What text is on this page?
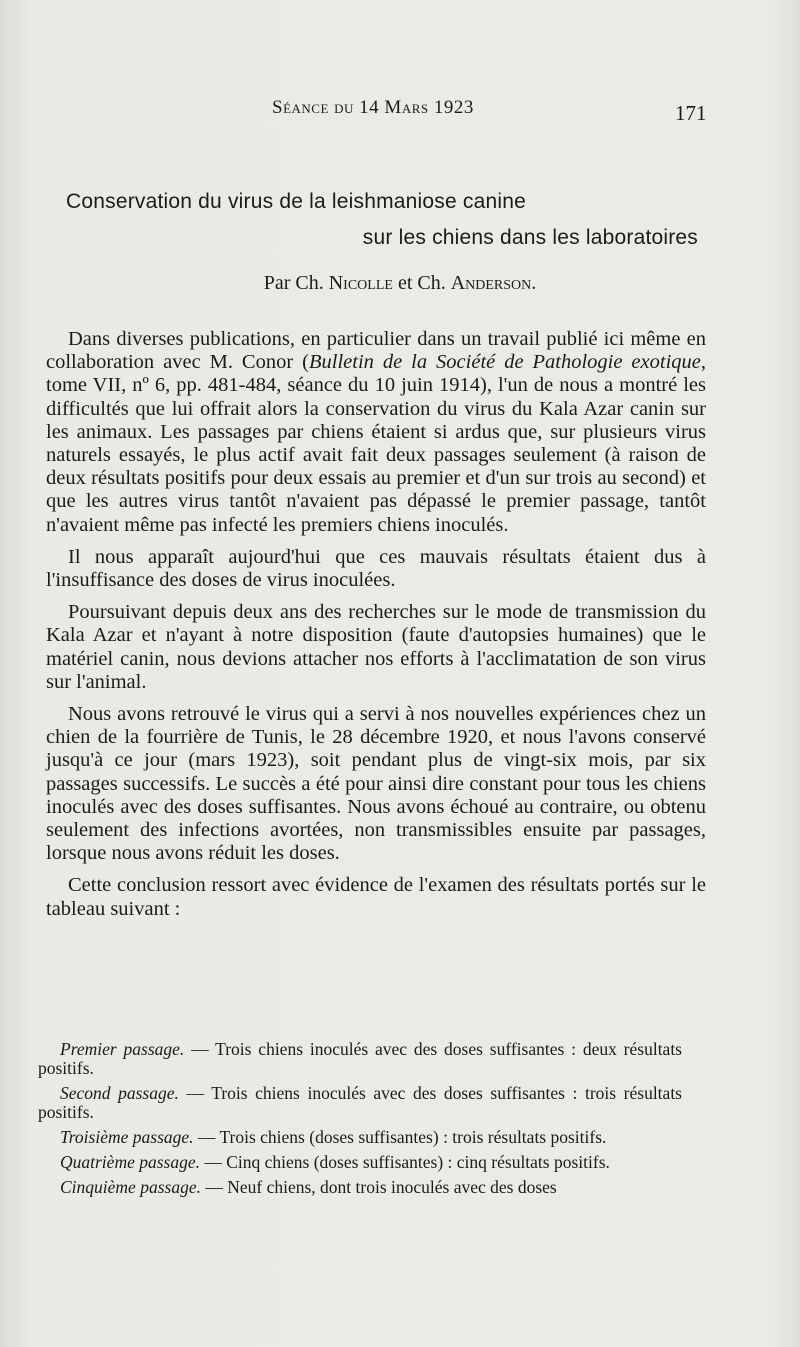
Séance du 14 Mars 1923	171
Conservation du virus de la leishmaniose canine
sur les chiens dans les laboratoires
Par Ch. Nicolle et Ch. Anderson.

Dans diverses publications, en particulier dans un travail publié ici même en collaboration avec M. Conor (Bulletin de la Société de Pathologie exotique, tome VII, nº 6, pp. 481-484, séance du 10 juin 1914), l'un de nous a montré les difficultés que lui offrait alors la conservation du virus du Kala Azar canin sur les animaux. Les passages par chiens étaient si ardus que, sur plusieurs virus naturels essayés, le plus actif avait fait deux passages seulement (à raison de deux résultats positifs pour deux essais au premier et d'un sur trois au second) et que les autres virus tantôt n'avaient pas dépassé le premier passage, tantôt n'avaient même pas infecté les premiers chiens inoculés.

Il nous apparaît aujourd'hui que ces mauvais résultats étaient dus à l'insuffisance des doses de virus inoculées.

Poursuivant depuis deux ans des recherches sur le mode de transmission du Kala Azar et n'ayant à notre disposition (faute d'autopsies humaines) que le matériel canin, nous devions attacher nos efforts à l'acclimatation de son virus sur l'animal.

Nous avons retrouvé le virus qui a servi à nos nouvelles expériences chez un chien de la fourrière de Tunis, le 28 décembre 1920, et nous l'avons conservé jusqu'à ce jour (mars 1923), soit pendant plus de vingt-six mois, par six passages successifs. Le succès a été pour ainsi dire constant pour tous les chiens inoculés avec des doses suffisantes. Nous avons échoué au contraire, ou obtenu seulement des infections avortées, non transmissibles ensuite par passages, lorsque nous avons réduit les doses.

Cette conclusion ressort avec évidence de l'examen des résultats portés sur le tableau suivant :

Premier passage. — Trois chiens inoculés avec des doses suffisantes : deux résultats positifs.

Second passage. — Trois chiens inoculés avec des doses suffisantes : trois résultats positifs.

Troisième passage. — Trois chiens (doses suffisantes) : trois résultats positifs.

Quatrième passage. — Cinq chiens (doses suffisantes) : cinq résultats positifs.

Cinquième passage. — Neuf chiens, dont trois inoculés avec des doses
